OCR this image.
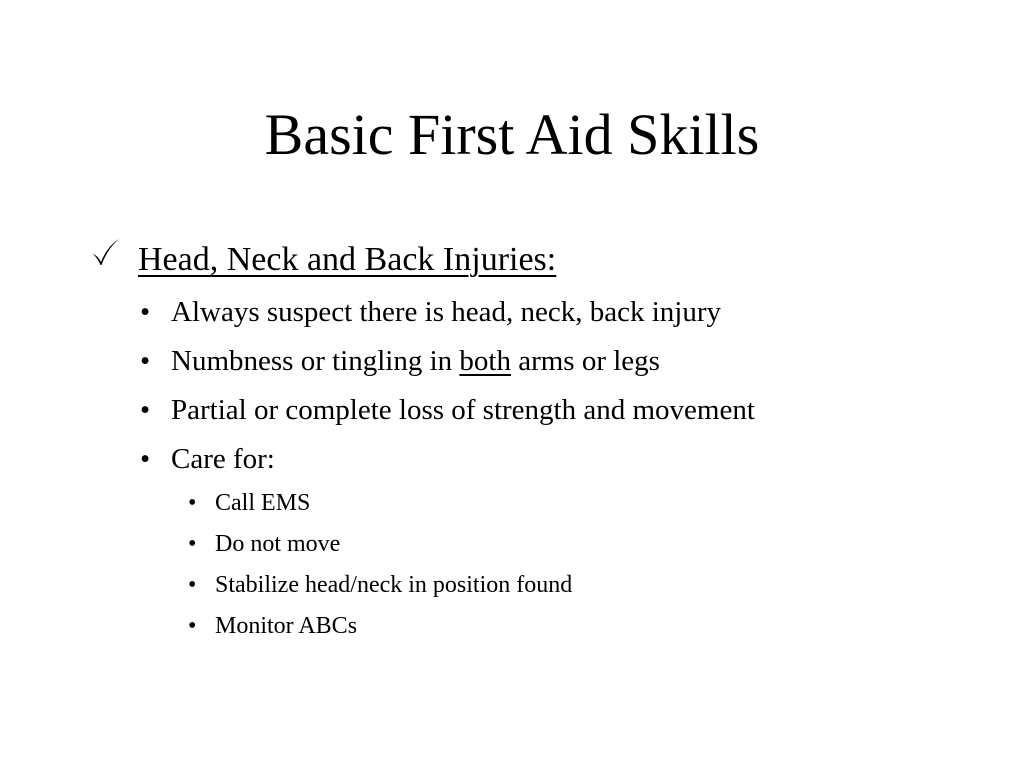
Basic First Aid Skills
Head, Neck and Back Injuries:
• Always suspect there is head, neck, back injury
• Numbness or tingling in both arms or legs
• Partial or complete loss of strength and movement
• Care for:
• Call EMS
• Do not move
• Stabilize head/neck in position found
• Monitor ABCs
